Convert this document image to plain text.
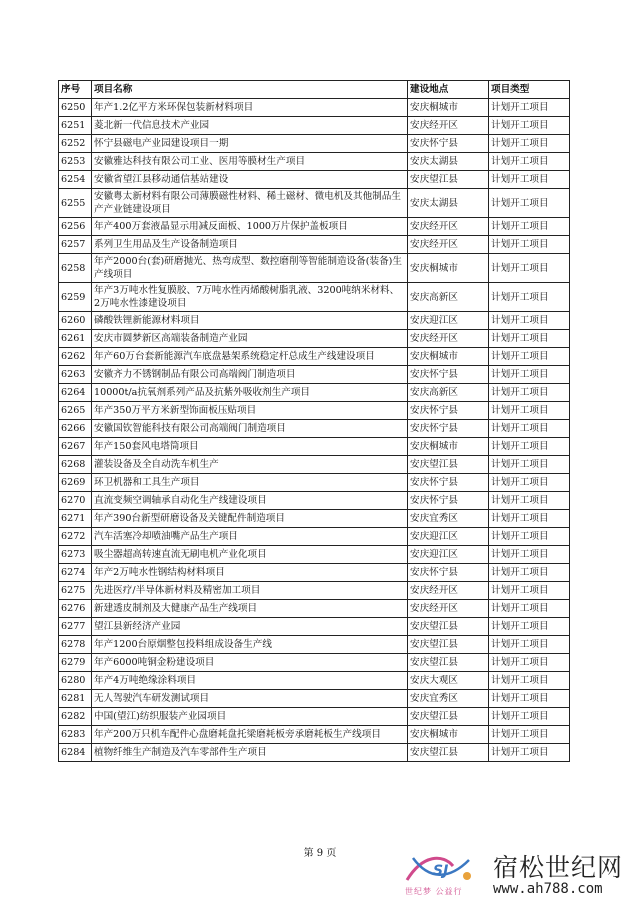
序号	项目名称	建设地点	项目类型
6250	年产1.2亿平方米环保包装新材料项目	安庆桐城市	计划开工项目
6251	菱北新一代信息技术产业园	安庆经开区	计划开工项目
6252	怀宁县磁电产业园建设项目一期	安庆怀宁县	计划开工项目
6253	安徽雅达科技有限公司工业、医用等膜材生产项目	安庆太湖县	计划开工项目
6254	安徽省望江县移动通信基站建设	安庆望江县	计划开工项目
6255	安徽粤太新材料有限公司薄膜磁性材料、稀土磁材、微电机及其他制品生产产业链建设项目	安庆太湖县	计划开工项目
6256	年产400万套液晶显示用减反面板、1000万片保护盖板项目	安庆经开区	计划开工项目
6257	系列卫生用品及生产设备制造项目	安庆经开区	计划开工项目
6258	年产2000台(套)研磨抛光、热弯成型、数控磨削等智能制造设备(装备)生产线项目	安庆桐城市	计划开工项目
6259	年产3万吨水性复膜胶、7万吨水性丙烯酸树脂乳液、3200吨纳米材料、2万吨水性漆建设项目	安庆高新区	计划开工项目
6260	磷酸铁锂新能源材料项目	安庆迎江区	计划开工项目
6261	安庆市圆梦新区高端装备制造产业园	安庆经开区	计划开工项目
6262	年产60万台套新能源汽车底盘悬架系统稳定杆总成生产线建设项目	安庆桐城市	计划开工项目
6263	安徽齐力不锈钢制品有限公司高端阀门制造项目	安庆怀宁县	计划开工项目
6264	10000t/a抗氧剂系列产品及抗紫外吸收剂生产项目	安庆高新区	计划开工项目
6265	年产350万平方米新型饰面板压贴项目	安庆怀宁县	计划开工项目
6266	安徽国钦智能科技有限公司高端阀门制造项目	安庆怀宁县	计划开工项目
6267	年产150套风电塔筒项目	安庆桐城市	计划开工项目
6268	灌装设备及全自动洗车机生产	安庆望江县	计划开工项目
6269	环卫机器和工具生产项目	安庆怀宁县	计划开工项目
6270	直流变频空调轴承自动化生产线建设项目	安庆怀宁县	计划开工项目
6271	年产390台新型研磨设备及关键配件制造项目	安庆宜秀区	计划开工项目
6272	汽车活塞冷却喷油嘴产品生产项目	安庆迎江区	计划开工项目
6273	吸尘器超高转速直流无刷电机产业化项目	安庆迎江区	计划开工项目
6274	年产2万吨水性钢结构材料项目	安庆怀宁县	计划开工项目
6275	先进医疗/半导体新材料及精密加工项目	安庆经开区	计划开工项目
6276	新建透皮制剂及大健康产品生产线项目	安庆经开区	计划开工项目
6277	望江县新经济产业园	安庆望江县	计划开工项目
6278	年产1200台原烟整包投料组成设备生产线	安庆望江县	计划开工项目
6279	年产6000吨铜金粉建设项目	安庆望江县	计划开工项目
6280	年产4万吨绝缘涂料项目	安庆大观区	计划开工项目
6281	无人驾驶汽车研发测试项目	安庆宜秀区	计划开工项目
6282	中国(望江)纺织服装产业园项目	安庆望江县	计划开工项目
6283	年产200万只机车配件心盘磨耗盘托梁磨耗板旁承磨耗板生产线项目	安庆桐城市	计划开工项目
6284	植物纤维生产制造及汽车零部件生产项目	安庆望江县	计划开工项目
第 9 页
SJ
世纪梦 公益行
宿松世纪网
www.ah788.com
